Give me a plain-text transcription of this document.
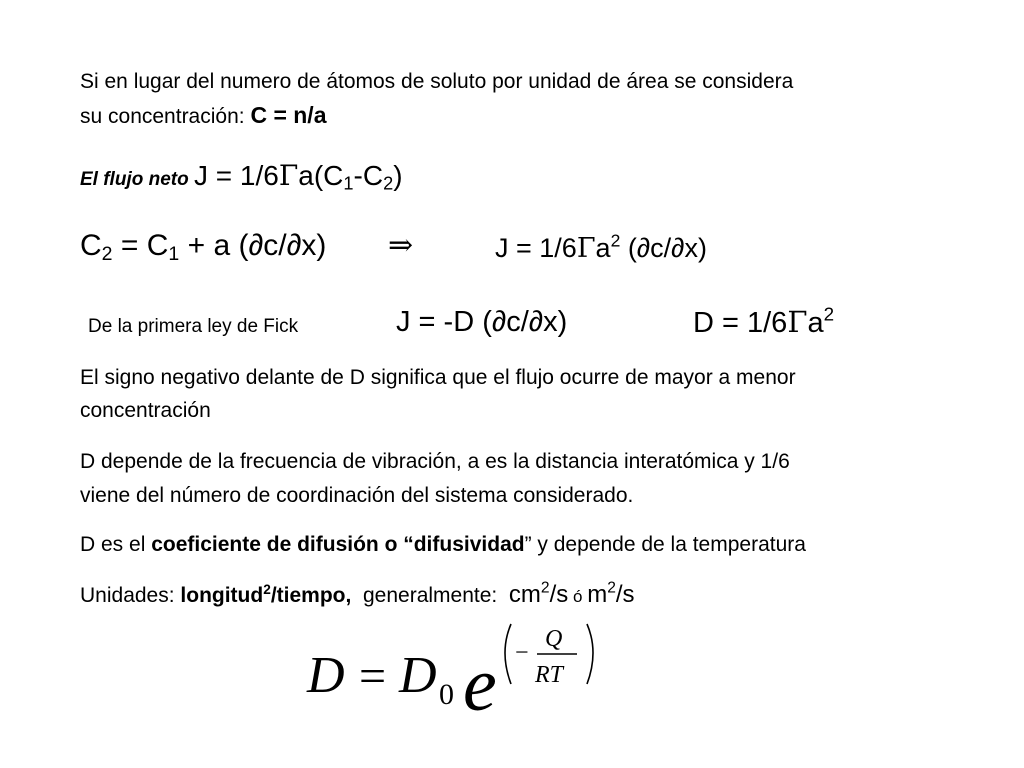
Si en lugar del numero de átomos de soluto por unidad de área se considera
su concentración: C = n/a
El flujo neto $J = 1/6\Gamma a(C_1-C_2)$
$C_2 = C_1 + a$ (∂c/∂x) ⇒	$J = 1/6\Gamma a^2$ (∂c/∂x)
De la primera ley de Fick	J = -D (∂c/∂x)	$D = 1/6\Gamma a^2$
El signo negativo delante de D significa que el flujo ocurre de mayor a menor
concentración
D depende de la frecuencia de vibración, a es la distancia interatómica y 1/6
viene del número de coordinación del sistema considerado.
D es el coeficiente de difusión o “difusividad” y depende de la temperatura
Unidades: longitud$^2$/tiempo,  generalmente:  $cm^2/s$ ó $m^2/s$
D = D 0 e −
Q
RT
